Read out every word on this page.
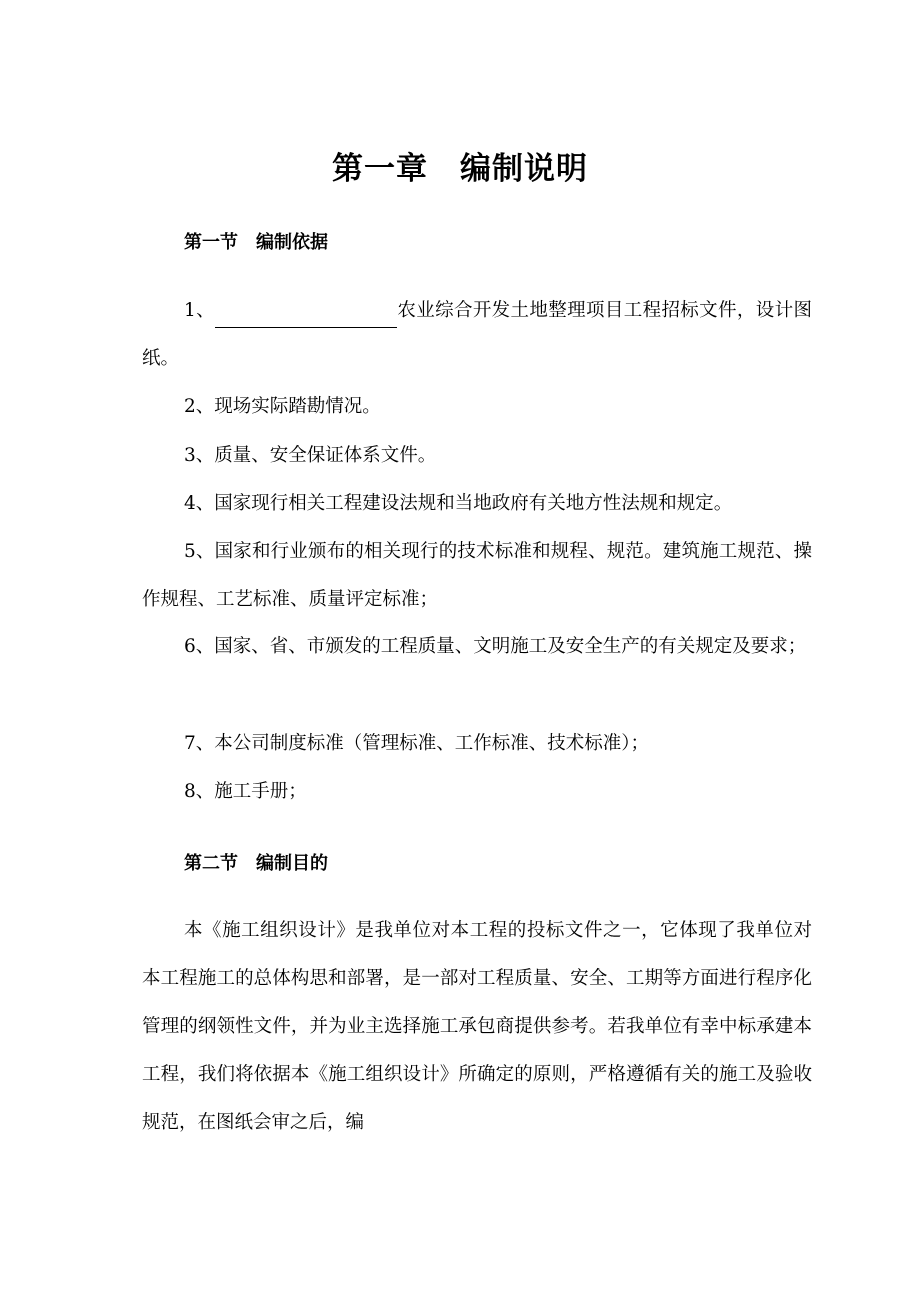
第一章　编制说明
第一节　编制依据

1、	农业综合开发土地整理项目工程招标文件，设计图纸。

2、现场实际踏勘情况。

3、质量、安全保证体系文件。

4、国家现行相关工程建设法规和当地政府有关地方性法规和规定。

5、国家和行业颁布的相关现行的技术标准和规程、规范。建筑施工规范、操作规程、工艺标准、质量评定标准；

6、国家、省、市颁发的工程质量、文明施工及安全生产的有关规定及要求；

7、本公司制度标准（管理标准、工作标准、技术标准）；

8、施工手册；

第二节　编制目的

本《施工组织设计》是我单位对本工程的投标文件之一，它体现了我单位对本工程施工的总体构思和部署，是一部对工程质量、安全、工期等方面进行程序化管理的纲领性文件，并为业主选择施工承包商提供参考。若我单位有幸中标承建本工程，我们将依据本《施工组织设计》所确定的原则，严格遵循有关的施工及验收规范，在图纸会审之后，编
